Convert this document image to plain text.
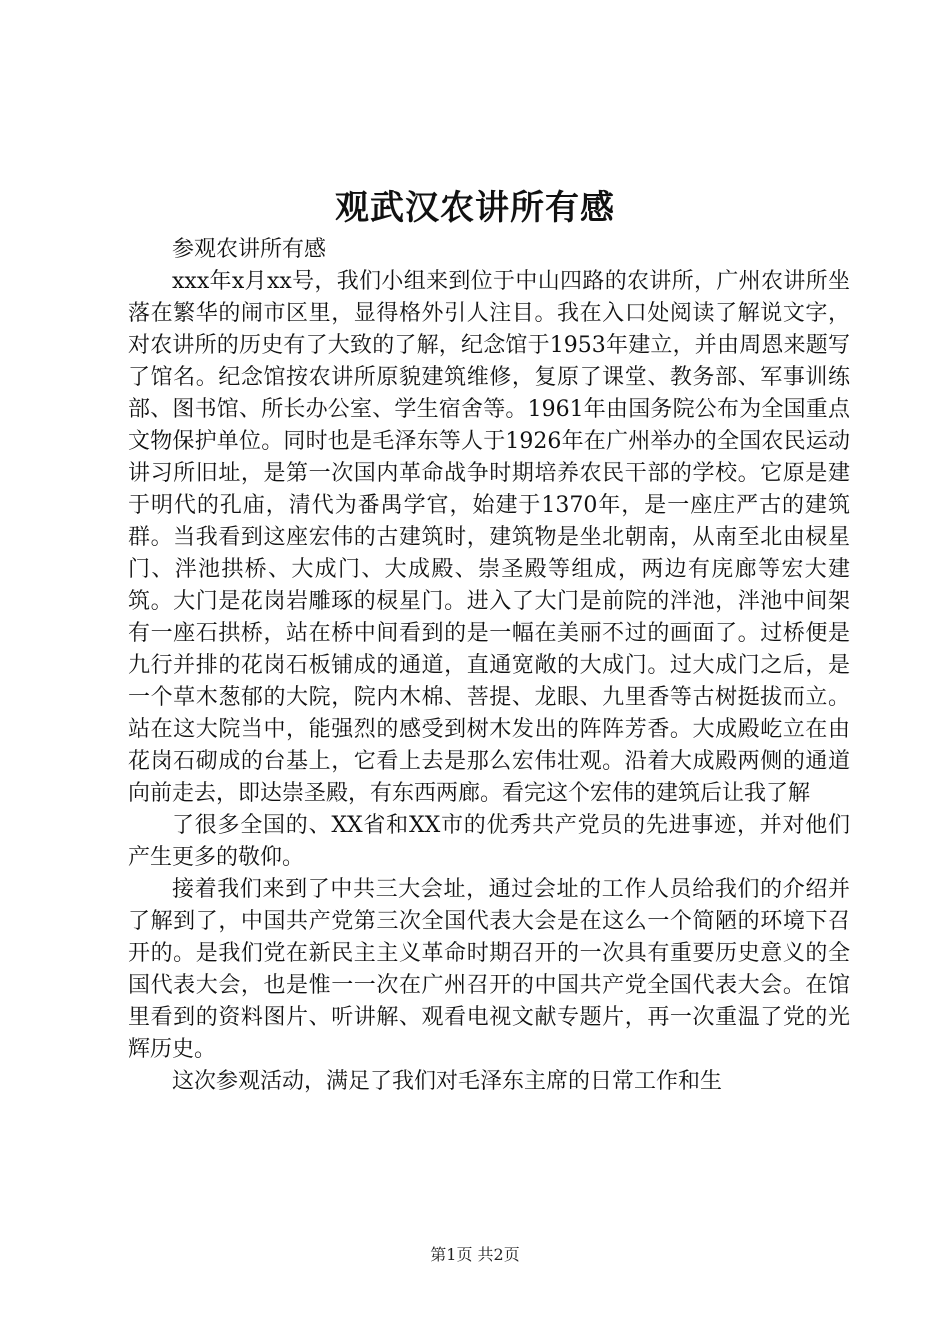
观武汉农讲所有感

参观农讲所有感

xxx年x月xx号，我们小组来到位于中山四路的农讲所，广州农讲所坐落在繁华的闹市区里，显得格外引人注目。我在入口处阅读了解说文字，对农讲所的历史有了大致的了解，纪念馆于1953年建立，并由周恩来题写了馆名。纪念馆按农讲所原貌建筑维修，复原了课堂、教务部、军事训练部、图书馆、所长办公室、学生宿舍等。1961年由国务院公布为全国重点文物保护单位。同时也是毛泽东等人于1926年在广州举办的全国农民运动讲习所旧址，是第一次国内革命战争时期培养农民干部的学校。它原是建于明代的孔庙，清代为番禺学官，始建于1370年，是一座庄严古的建筑群。当我看到这座宏伟的古建筑时，建筑物是坐北朝南，从南至北由棂星门、泮池拱桥、大成门、大成殿、崇圣殿等组成，两边有庑廊等宏大建筑。大门是花岗岩雕琢的棂星门。进入了大门是前院的泮池，泮池中间架有一座石拱桥，站在桥中间看到的是一幅在美丽不过的画面了。过桥便是九行并排的花岗石板铺成的通道，直通宽敞的大成门。过大成门之后，是一个草木葱郁的大院，院内木棉、菩提、龙眼、九里香等古树挺拔而立。站在这大院当中，能强烈的感受到树木发出的阵阵芳香。大成殿屹立在由花岗石砌成的台基上，它看上去是那么宏伟壮观。沿着大成殿两侧的通道向前走去，即达崇圣殿，有东西两廊。看完这个宏伟的建筑后让我了解

了很多全国的、XX省和XX市的优秀共产党员的先进事迹，并对他们产生更多的敬仰。

接着我们来到了中共三大会址，通过会址的工作人员给我们的介绍并了解到了，中国共产党第三次全国代表大会是在这么一个简陋的环境下召开的。是我们党在新民主主义革命时期召开的一次具有重要历史意义的全国代表大会，也是惟一一次在广州召开的中国共产党全国代表大会。在馆里看到的资料图片、听讲解、观看电视文献专题片，再一次重温了党的光辉历史。

这次参观活动，满足了我们对毛泽东主席的日常工作和生

第1页 共2页
